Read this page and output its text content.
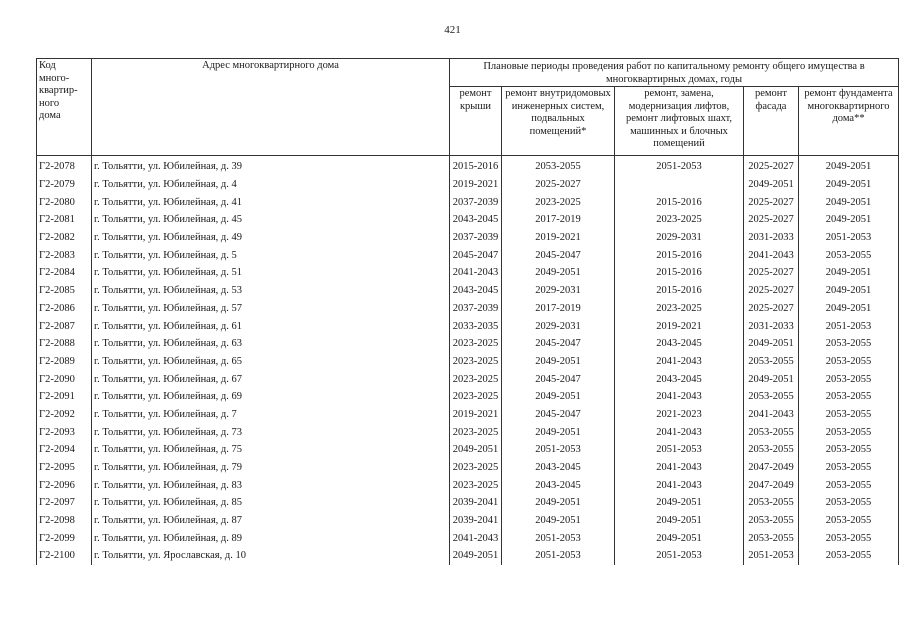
421
Код много-квартир-ного дома	Адрес многоквартирного дома	Плановые периоды проведения работ по капитальному ремонту общего имущества в многоквартирных домах, годы				
		ремонт крыши	ремонт внутридомовых инженерных систем, подвальных помещений*	ремонт, замена, модернизация лифтов, ремонт лифтовых шахт, машинных и блочных помещений	ремонт фасада	ремонт фундамента многоквартирного дома**
Г2-2078	г. Тольятти, ул. Юбилейная, д. 39	2015-2016	2053-2055	2051-2053	2025-2027	2049-2051
Г2-2079	г. Тольятти, ул. Юбилейная, д. 4	2019-2021	2025-2027		2049-2051	2049-2051
Г2-2080	г. Тольятти, ул. Юбилейная, д. 41	2037-2039	2023-2025	2015-2016	2025-2027	2049-2051
Г2-2081	г. Тольятти, ул. Юбилейная, д. 45	2043-2045	2017-2019	2023-2025	2025-2027	2049-2051
Г2-2082	г. Тольятти, ул. Юбилейная, д. 49	2037-2039	2019-2021	2029-2031	2031-2033	2051-2053
Г2-2083	г. Тольятти, ул. Юбилейная, д. 5	2045-2047	2045-2047	2015-2016	2041-2043	2053-2055
Г2-2084	г. Тольятти, ул. Юбилейная, д. 51	2041-2043	2049-2051	2015-2016	2025-2027	2049-2051
Г2-2085	г. Тольятти, ул. Юбилейная, д. 53	2043-2045	2029-2031	2015-2016	2025-2027	2049-2051
Г2-2086	г. Тольятти, ул. Юбилейная, д. 57	2037-2039	2017-2019	2023-2025	2025-2027	2049-2051
Г2-2087	г. Тольятти, ул. Юбилейная, д. 61	2033-2035	2029-2031	2019-2021	2031-2033	2051-2053
Г2-2088	г. Тольятти, ул. Юбилейная, д. 63	2023-2025	2045-2047	2043-2045	2049-2051	2053-2055
Г2-2089	г. Тольятти, ул. Юбилейная, д. 65	2023-2025	2049-2051	2041-2043	2053-2055	2053-2055
Г2-2090	г. Тольятти, ул. Юбилейная, д. 67	2023-2025	2045-2047	2043-2045	2049-2051	2053-2055
Г2-2091	г. Тольятти, ул. Юбилейная, д. 69	2023-2025	2049-2051	2041-2043	2053-2055	2053-2055
Г2-2092	г. Тольятти, ул. Юбилейная, д. 7	2019-2021	2045-2047	2021-2023	2041-2043	2053-2055
Г2-2093	г. Тольятти, ул. Юбилейная, д. 73	2023-2025	2049-2051	2041-2043	2053-2055	2053-2055
Г2-2094	г. Тольятти, ул. Юбилейная, д. 75	2049-2051	2051-2053	2051-2053	2053-2055	2053-2055
Г2-2095	г. Тольятти, ул. Юбилейная, д. 79	2023-2025	2043-2045	2041-2043	2047-2049	2053-2055
Г2-2096	г. Тольятти, ул. Юбилейная, д. 83	2023-2025	2043-2045	2041-2043	2047-2049	2053-2055
Г2-2097	г. Тольятти, ул. Юбилейная, д. 85	2039-2041	2049-2051	2049-2051	2053-2055	2053-2055
Г2-2098	г. Тольятти, ул. Юбилейная, д. 87	2039-2041	2049-2051	2049-2051	2053-2055	2053-2055
Г2-2099	г. Тольятти, ул. Юбилейная, д. 89	2041-2043	2051-2053	2049-2051	2053-2055	2053-2055
Г2-2100	г. Тольятти, ул. Ярославская, д. 10	2049-2051	2051-2053	2051-2053	2051-2053	2053-2055
